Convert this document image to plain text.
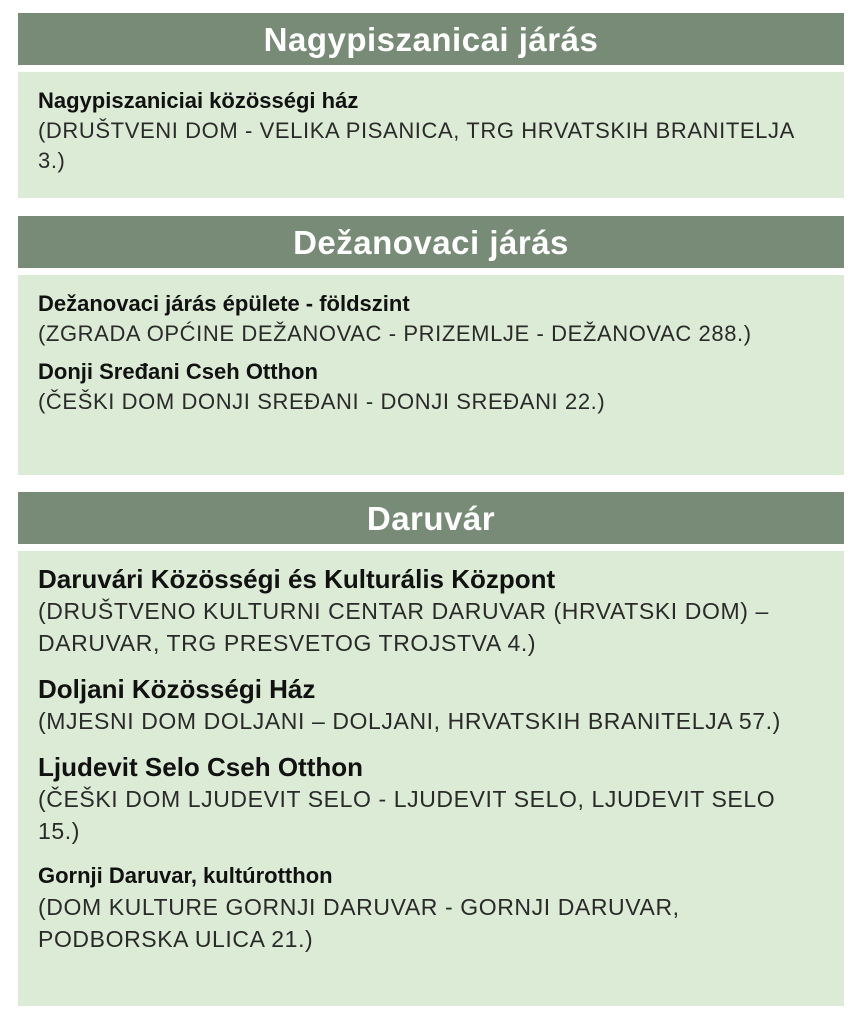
Nagypiszanicai járás
Nagypiszaniciai közösségi ház
(DRUŠTVENI DOM - VELIKA PISANICA, TRG HRVATSKIH BRANITELJA 3.)
Dežanovaci járás
Dežanovaci járás épülete - földszint
(ZGRADA OPĆINE DEŽANOVAC - PRIZEMLJE - DEŽANOVAC 288.)
Donji Sređani Cseh Otthon
(ČEŠKI DOM DONJI SREĐANI - DONJI SREĐANI 22.)
Daruvár
Daruvári Közösségi és Kulturális Központ
(DRUŠTVENO KULTURNI CENTAR DARUVAR (HRVATSKI DOM) – DARUVAR, TRG PRESVETOG TROJSTVA 4.)
Doljani Közösségi Ház
(MJESNI DOM DOLJANI – DOLJANI, HRVATSKIH BRANITELJA 57.)
Ljudevit Selo Cseh Otthon
(ČEŠKI DOM LJUDEVIT SELO - LJUDEVIT SELO, LJUDEVIT SELO 15.)
Gornji Daruvar, kultúrotthon
(DOM KULTURE GORNJI DARUVAR - GORNJI DARUVAR, PODBORSKA ULICA 21.)
